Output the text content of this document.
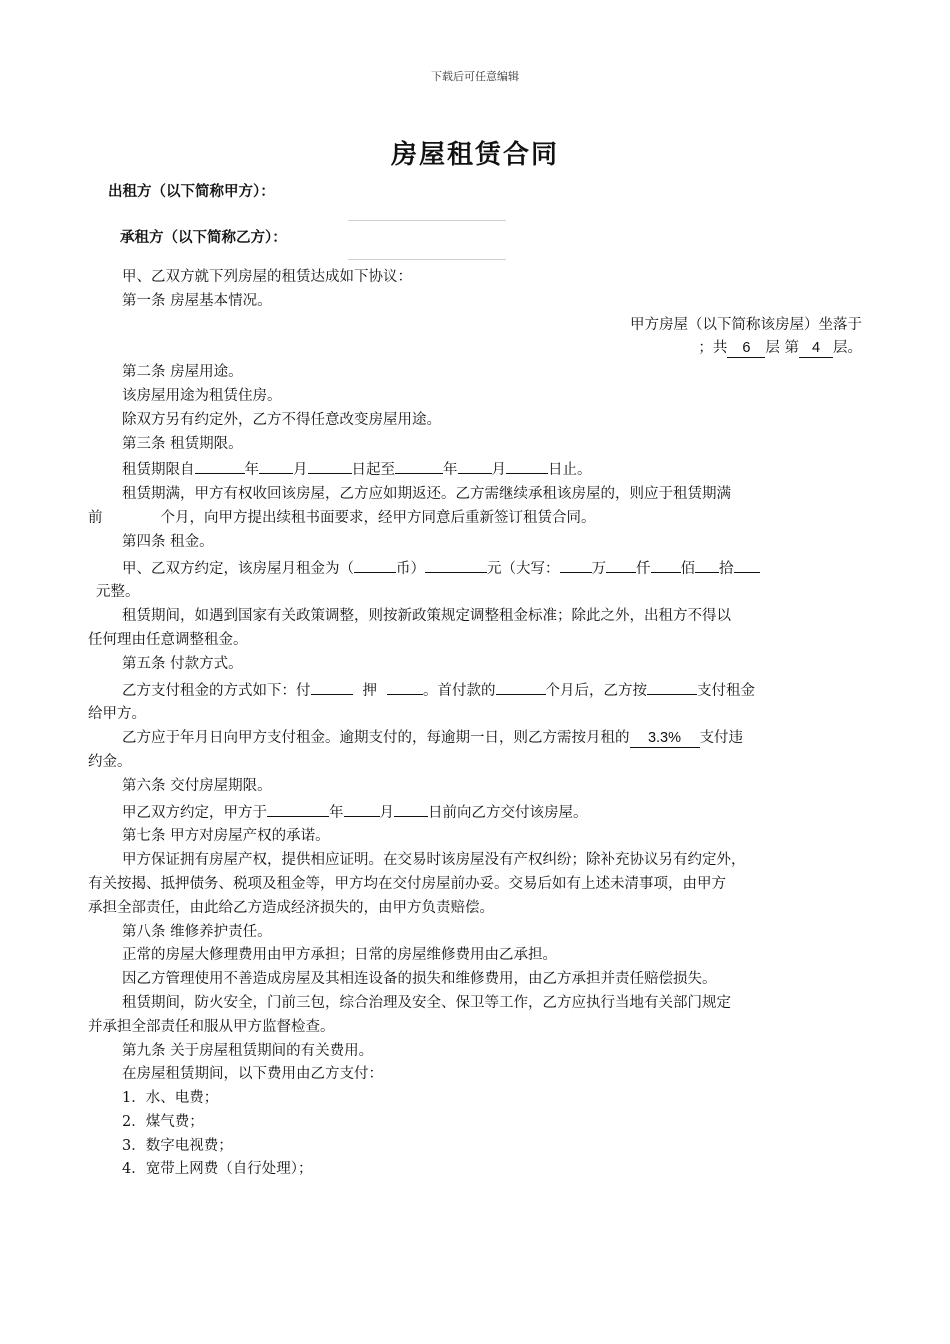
下载后可任意编辑
房屋租赁合同
出租方（以下简称甲方）：
承租方（以下简称乙方）：
甲、乙双方就下列房屋的租赁达成如下协议：
第一条 房屋基本情况。
甲方房屋（以下简称该房屋）坐落于
；共 6 层 第 4 层。
第二条 房屋用途。
该房屋用途为租赁住房。
除双方另有约定外，乙方不得任意改变房屋用途。
第三条 租赁期限。
租赁期限自	年 月	日起至	年 月	日止。
租赁期满，甲方有权收回该房屋，乙方应如期返还。乙方需继续承租该房屋的，则应于租赁期满
前	个月，向甲方提出续租书面要求，经甲方同意后重新签订租赁合同。
第四条 租金。
甲、乙双方约定，该房屋月租金为（	币）	元（大写： 万 仟 佰 拾
元整。
租赁期间，如遇到国家有关政策调整，则按新政策规定调整租金标准；除此之外，出租方不得以
任何理由任意调整租金。
第五条 付款方式。
乙方支付租金的方式如下：付	押	。首付款的	个月后，乙方按	支付租金
给甲方。
乙方应于年月日向甲方支付租金。逾期支付的，每逾期一日，则乙方需按月租的 3.3% 支付违
约金。
第六条 交付房屋期限。
甲乙双方约定，甲方于	年 月 日前向乙方交付该房屋。
第七条 甲方对房屋产权的承诺。
甲方保证拥有房屋产权，提供相应证明。在交易时该房屋没有产权纠纷；除补充协议另有约定外，
有关按揭、抵押债务、税项及租金等，甲方均在交付房屋前办妥。交易后如有上述未清事项，由甲方
承担全部责任，由此给乙方造成经济损失的，由甲方负责赔偿。
第八条 维修养护责任。
正常的房屋大修理费用由甲方承担；日常的房屋维修费用由乙承担。
因乙方管理使用不善造成房屋及其相连设备的损失和维修费用，由乙方承担并责任赔偿损失。
租赁期间，防火安全，门前三包，综合治理及安全、保卫等工作，乙方应执行当地有关部门规定
并承担全部责任和服从甲方监督检查。
第九条 关于房屋租赁期间的有关费用。
在房屋租赁期间，以下费用由乙方支付：
1．水、电费；
2．煤气费；
3．数字电视费；
4．宽带上网费（自行处理）；
